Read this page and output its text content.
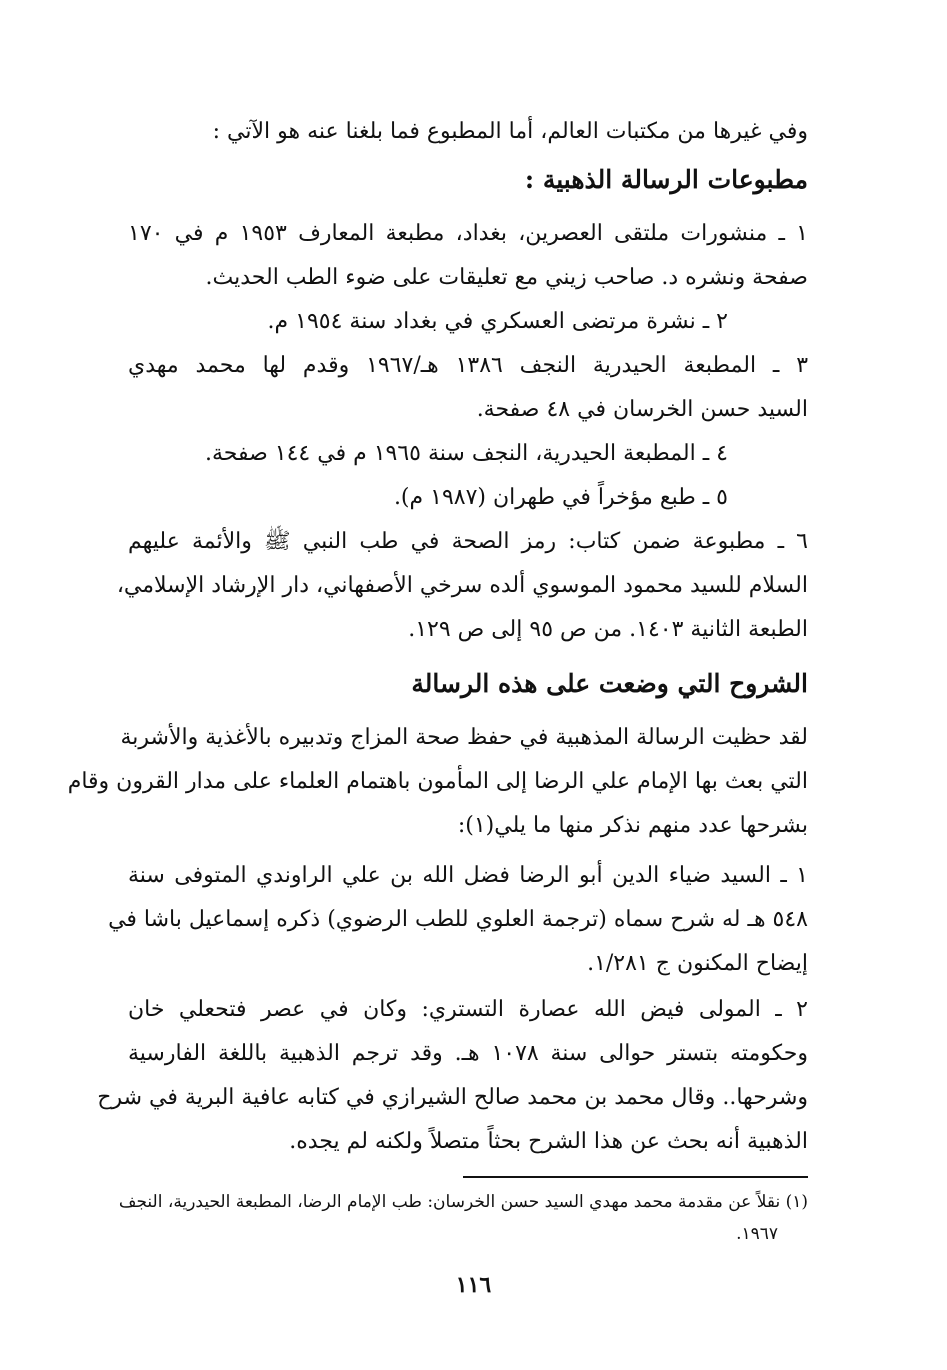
وفي غيرها من مكتبات العالم، أما المطبوع فما بلغنا عنه هو الآتي :
مطبوعات الرسالة الذهبية :
١ ـ منشورات ملتقى العصرين، بغداد، مطبعة المعارف ١٩٥٣ م في ١٧٠
صفحة ونشره د. صاحب زيني مع تعليقات على ضوء الطب الحديث.
٢ ـ نشرة مرتضى العسكري في بغداد سنة ١٩٥٤ م.
٣ ـ المطبعة الحيدرية النجف ١٣٨٦ هـ/١٩٦٧ وقدم لها محمد مهدي
السيد حسن الخرسان في ٤٨ صفحة.
٤ ـ المطبعة الحيدرية، النجف سنة ١٩٦٥ م في ١٤٤ صفحة.
٥ ـ طبع مؤخراً في طهران (١٩٨٧ م).
٦ ـ مطبوعة ضمن كتاب: رمز الصحة في طب النبي ﷺ والأئمة عليهم
السلام للسيد محمود الموسوي ألده سرخي الأصفهاني، دار الإرشاد الإسلامي،
الطبعة الثانية ١٤٠٣. من ص ٩٥ إلى ص ١٢٩.
الشروح التي وضعت على هذه الرسالة
لقد حظيت الرسالة المذهبية في حفظ صحة المزاج وتدبيره بالأغذية والأشربة
التي بعث بها الإمام علي الرضا إلى المأمون باهتمام العلماء على مدار القرون وقام
بشرحها عدد منهم نذكر منها ما يلي(١):
١ ـ السيد ضياء الدين أبو الرضا فضل الله بن علي الراوندي المتوفى سنة
٥٤٨ هـ له شرح سماه (ترجمة العلوي للطب الرضوي) ذكره إسماعيل باشا في
إيضاح المكنون ج ١/٢٨١.
٢ ـ المولى فيض الله عصارة التستري: وكان في عصر فتحعلي خان
وحكومته بتستر حوالى سنة ١٠٧٨ هـ. وقد ترجم الذهبية باللغة الفارسية
وشرحها.. وقال محمد بن محمد صالح الشيرازي في كتابه عافية البرية في شرح
الذهبية أنه بحث عن هذا الشرح بحثاً متصلاً ولكنه لم يجده.
(١) نقلاً عن مقدمة محمد مهدي السيد حسن الخرسان: طب الإمام الرضا، المطبعة الحيدرية، النجف
١٩٦٧.
١١٦
